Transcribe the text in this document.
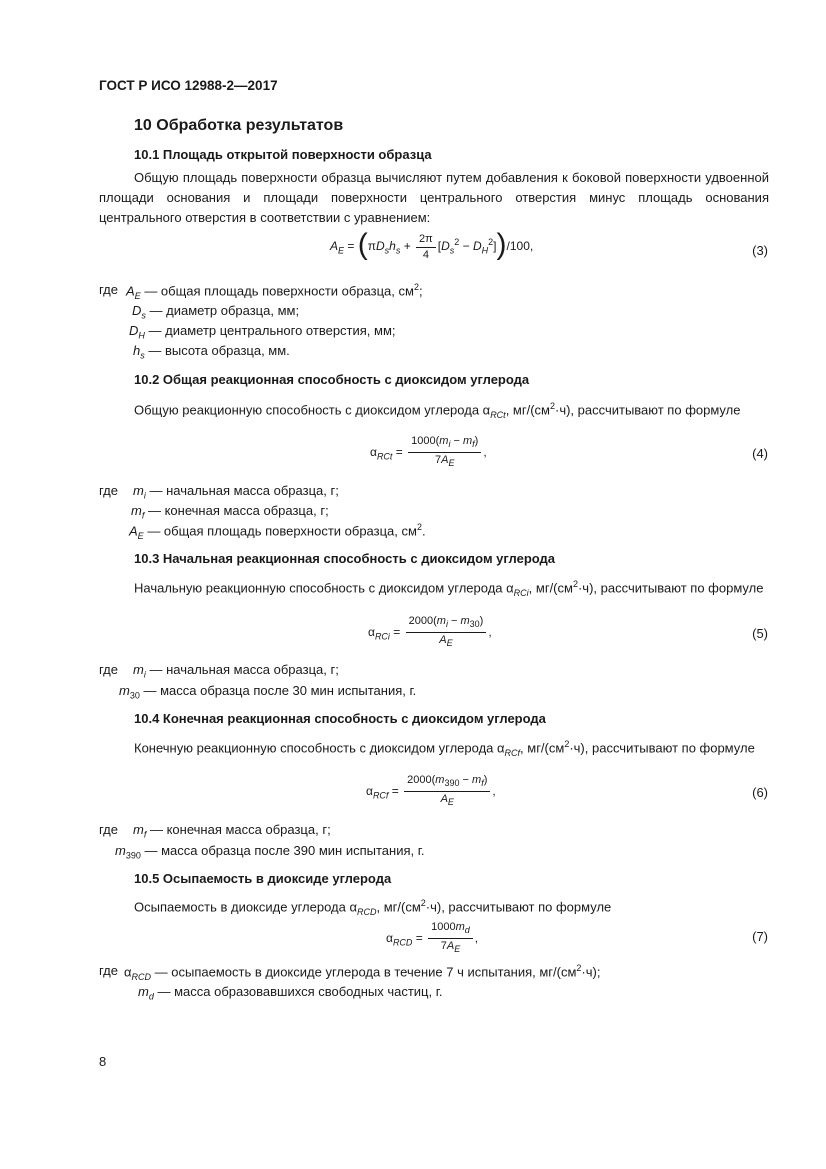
ГОСТ Р ИСО 12988-2—2017
10 Обработка результатов
10.1 Площадь открытой поверхности образца
Общую площадь поверхности образца вычисляют путем добавления к боковой поверхности удвоенной площади основания и площади поверхности центрального отверстия минус площадь основания центрального отверстия в соответствии с уравнением:
$A_E = (\pi D_sh_s + \frac{2\pi}{4} [D_s^2 - D_H^2])/100$,	(3)
где $A_E$ — общая площадь поверхности образца, $см^2$;
$D_s$ — диаметр образца, мм;
$D_H$ — диаметр центрального отверстия, мм;
$h_s$ — высота образца, мм.
10.2 Общая реакционная способность с диоксидом углерода
Общую реакционную способность с диоксидом углерода $\alpha_{RCt}$, $мг/(см^2\cdot ч)$, рассчитывают по формуле
$\alpha_{RCt} = \frac{1000(m_i - m_f)}{7A_E}$ ,	(4)
где $m_i$ — начальная масса образца, г;
$m_f$ — конечная масса образца, г;
$A_E$ — общая площадь поверхности образца, $см^2$.
10.3 Начальная реакционная способность с диоксидом углерода
Начальную реакционную способность с диоксидом углерода $\alpha_{RCi}$, $мг/(см^2\cdot ч)$, рассчитывают по формуле
$\alpha_{RCi} = \frac{2000(m_i - m_{30})}{A_E}$ ,	(5)
где $m_i$ — начальная масса образца, г;
$m_{30}$ — масса образца после 30 мин испытания, г.
10.4 Конечная реакционная способность с диоксидом углерода
Конечную реакционную способность с диоксидом углерода $\alpha_{RCf}$, $мг/(см^2\cdot ч)$, рассчитывают по формуле
$\alpha_{RCf} = \frac{2000(m_{390} - m_f)}{A_E}$ ,	(6)
где $m_f$ — конечная масса образца, г;
$m_{390}$ — масса образца после 390 мин испытания, г.
10.5 Осыпаемость в диоксиде углерода
Осыпаемость в диоксиде углерода $\alpha_{RCD}$, $мг/(см^2\cdot ч)$, рассчитывают по формуле
$\alpha_{RCD} = \frac{1000m_d}{7A_E}$ ,	(7)
где $\alpha_{RCD}$ — осыпаемость в диоксиде углерода в течение 7 ч испытания, $мг/(см^2\cdot ч)$;
$m_d$ — масса образовавшихся свободных частиц, г.
8
